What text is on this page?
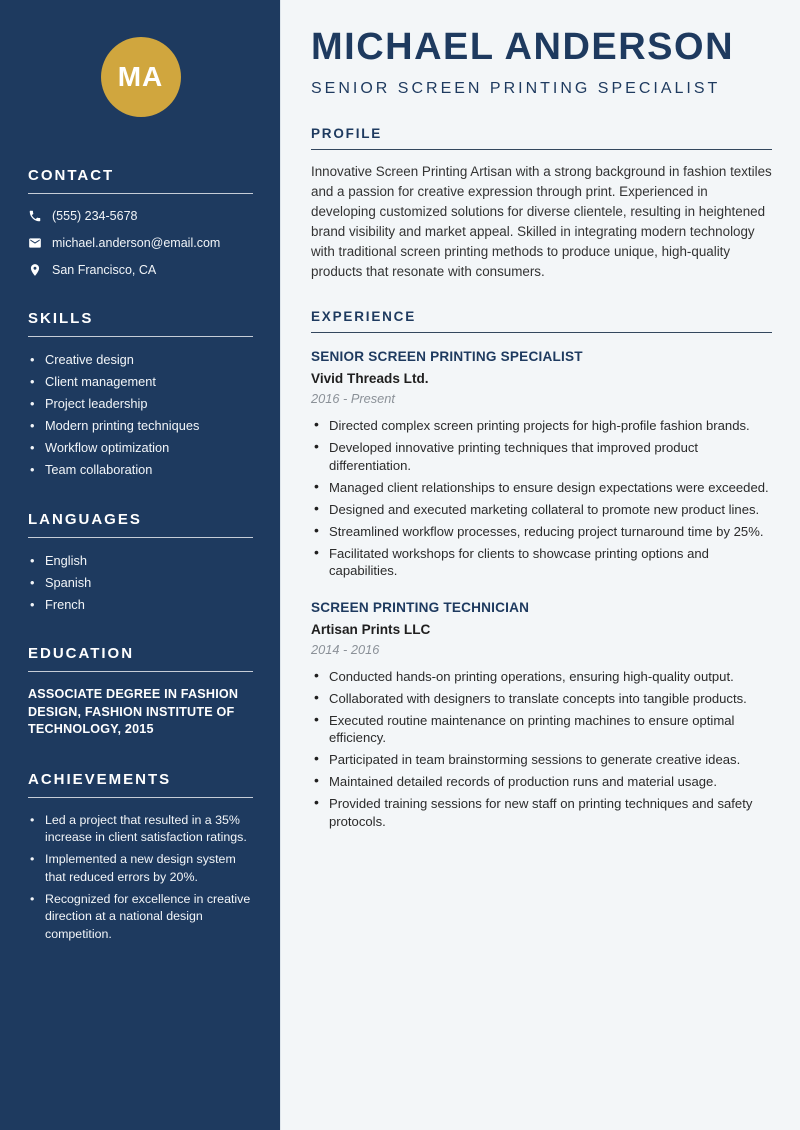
MA
CONTACT
(555) 234-5678
michael.anderson@email.com
San Francisco, CA
SKILLS
• Creative design
• Client management
• Project leadership
• Modern printing techniques
• Workflow optimization
• Team collaboration
LANGUAGES
• English
• Spanish
• French
EDUCATION
ASSOCIATE DEGREE IN FASHION DESIGN, FASHION INSTITUTE OF TECHNOLOGY, 2015
ACHIEVEMENTS
• Led a project that resulted in a 35% increase in client satisfaction ratings.
• Implemented a new design system that reduced errors by 20%.
• Recognized for excellence in creative direction at a national design competition.
MICHAEL ANDERSON
SENIOR SCREEN PRINTING SPECIALIST
PROFILE

Innovative Screen Printing Artisan with a strong background in fashion textiles and a passion for creative expression through print. Experienced in developing customized solutions for diverse clientele, resulting in heightened brand visibility and market appeal. Skilled in integrating modern technology with traditional screen printing methods to produce unique, high-quality products that resonate with consumers.

EXPERIENCE
SENIOR SCREEN PRINTING SPECIALIST
Vivid Threads Ltd.
2016 - Present
• Directed complex screen printing projects for high-profile fashion brands.
• Developed innovative printing techniques that improved product differentiation.
• Managed client relationships to ensure design expectations were exceeded.
• Designed and executed marketing collateral to promote new product lines.
• Streamlined workflow processes, reducing project turnaround time by 25%.
• Facilitated workshops for clients to showcase printing options and capabilities.
SCREEN PRINTING TECHNICIAN
Artisan Prints LLC
2014 - 2016
• Conducted hands-on printing operations, ensuring high-quality output.
• Collaborated with designers to translate concepts into tangible products.
• Executed routine maintenance on printing machines to ensure optimal efficiency.
• Participated in team brainstorming sessions to generate creative ideas.
• Maintained detailed records of production runs and material usage.
• Provided training sessions for new staff on printing techniques and safety protocols.
